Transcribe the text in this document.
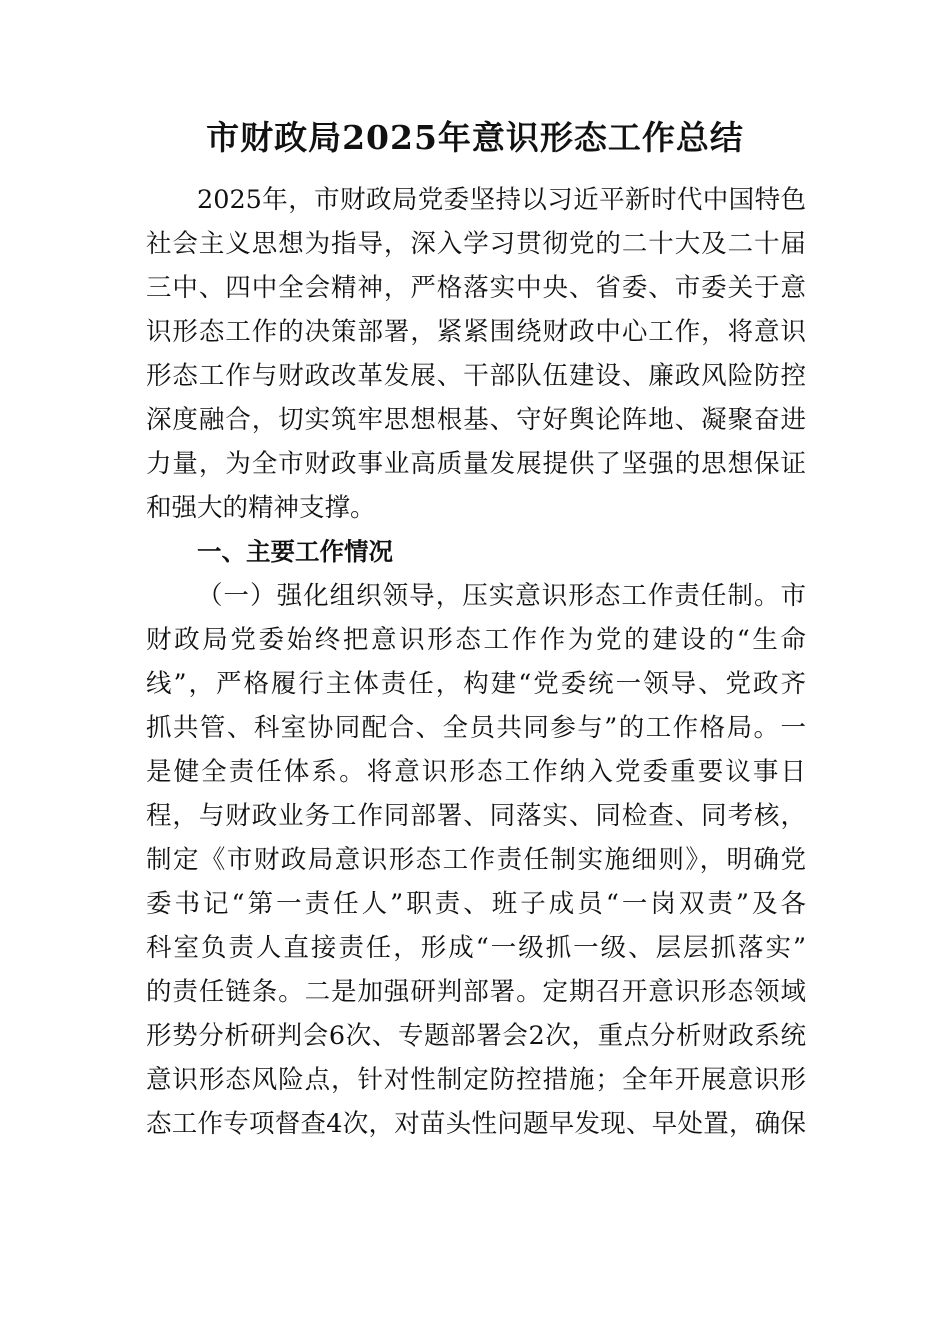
市财政局2025年意识形态工作总结
2025年，市财政局党委坚持以习近平新时代中国特色
社会主义思想为指导，深入学习贯彻党的二十大及二十届
三中、四中全会精神，严格落实中央、省委、市委关于意
识形态工作的决策部署，紧紧围绕财政中心工作，将意识
形态工作与财政改革发展、干部队伍建设、廉政风险防控
深度融合，切实筑牢思想根基、守好舆论阵地、凝聚奋进
力量，为全市财政事业高质量发展提供了坚强的思想保证
和强大的精神支撑。
一、主要工作情况
（一）强化组织领导，压实意识形态工作责任制。市
财政局党委始终把意识形态工作作为党的建设的“生命
线”，严格履行主体责任，构建“党委统一领导、党政齐
抓共管、科室协同配合、全员共同参与”的工作格局。一
是健全责任体系。将意识形态工作纳入党委重要议事日
程，与财政业务工作同部署、同落实、同检查、同考核，
制定《市财政局意识形态工作责任制实施细则》，明确党
委书记“第一责任人”职责、班子成员“一岗双责”及各
科室负责人直接责任，形成“一级抓一级、层层抓落实”
的责任链条。二是加强研判部署。定期召开意识形态领域
形势分析研判会6次、专题部署会2次，重点分析财政系统
意识形态风险点，针对性制定防控措施；全年开展意识形
态工作专项督查4次，对苗头性问题早发现、早处置，确保
